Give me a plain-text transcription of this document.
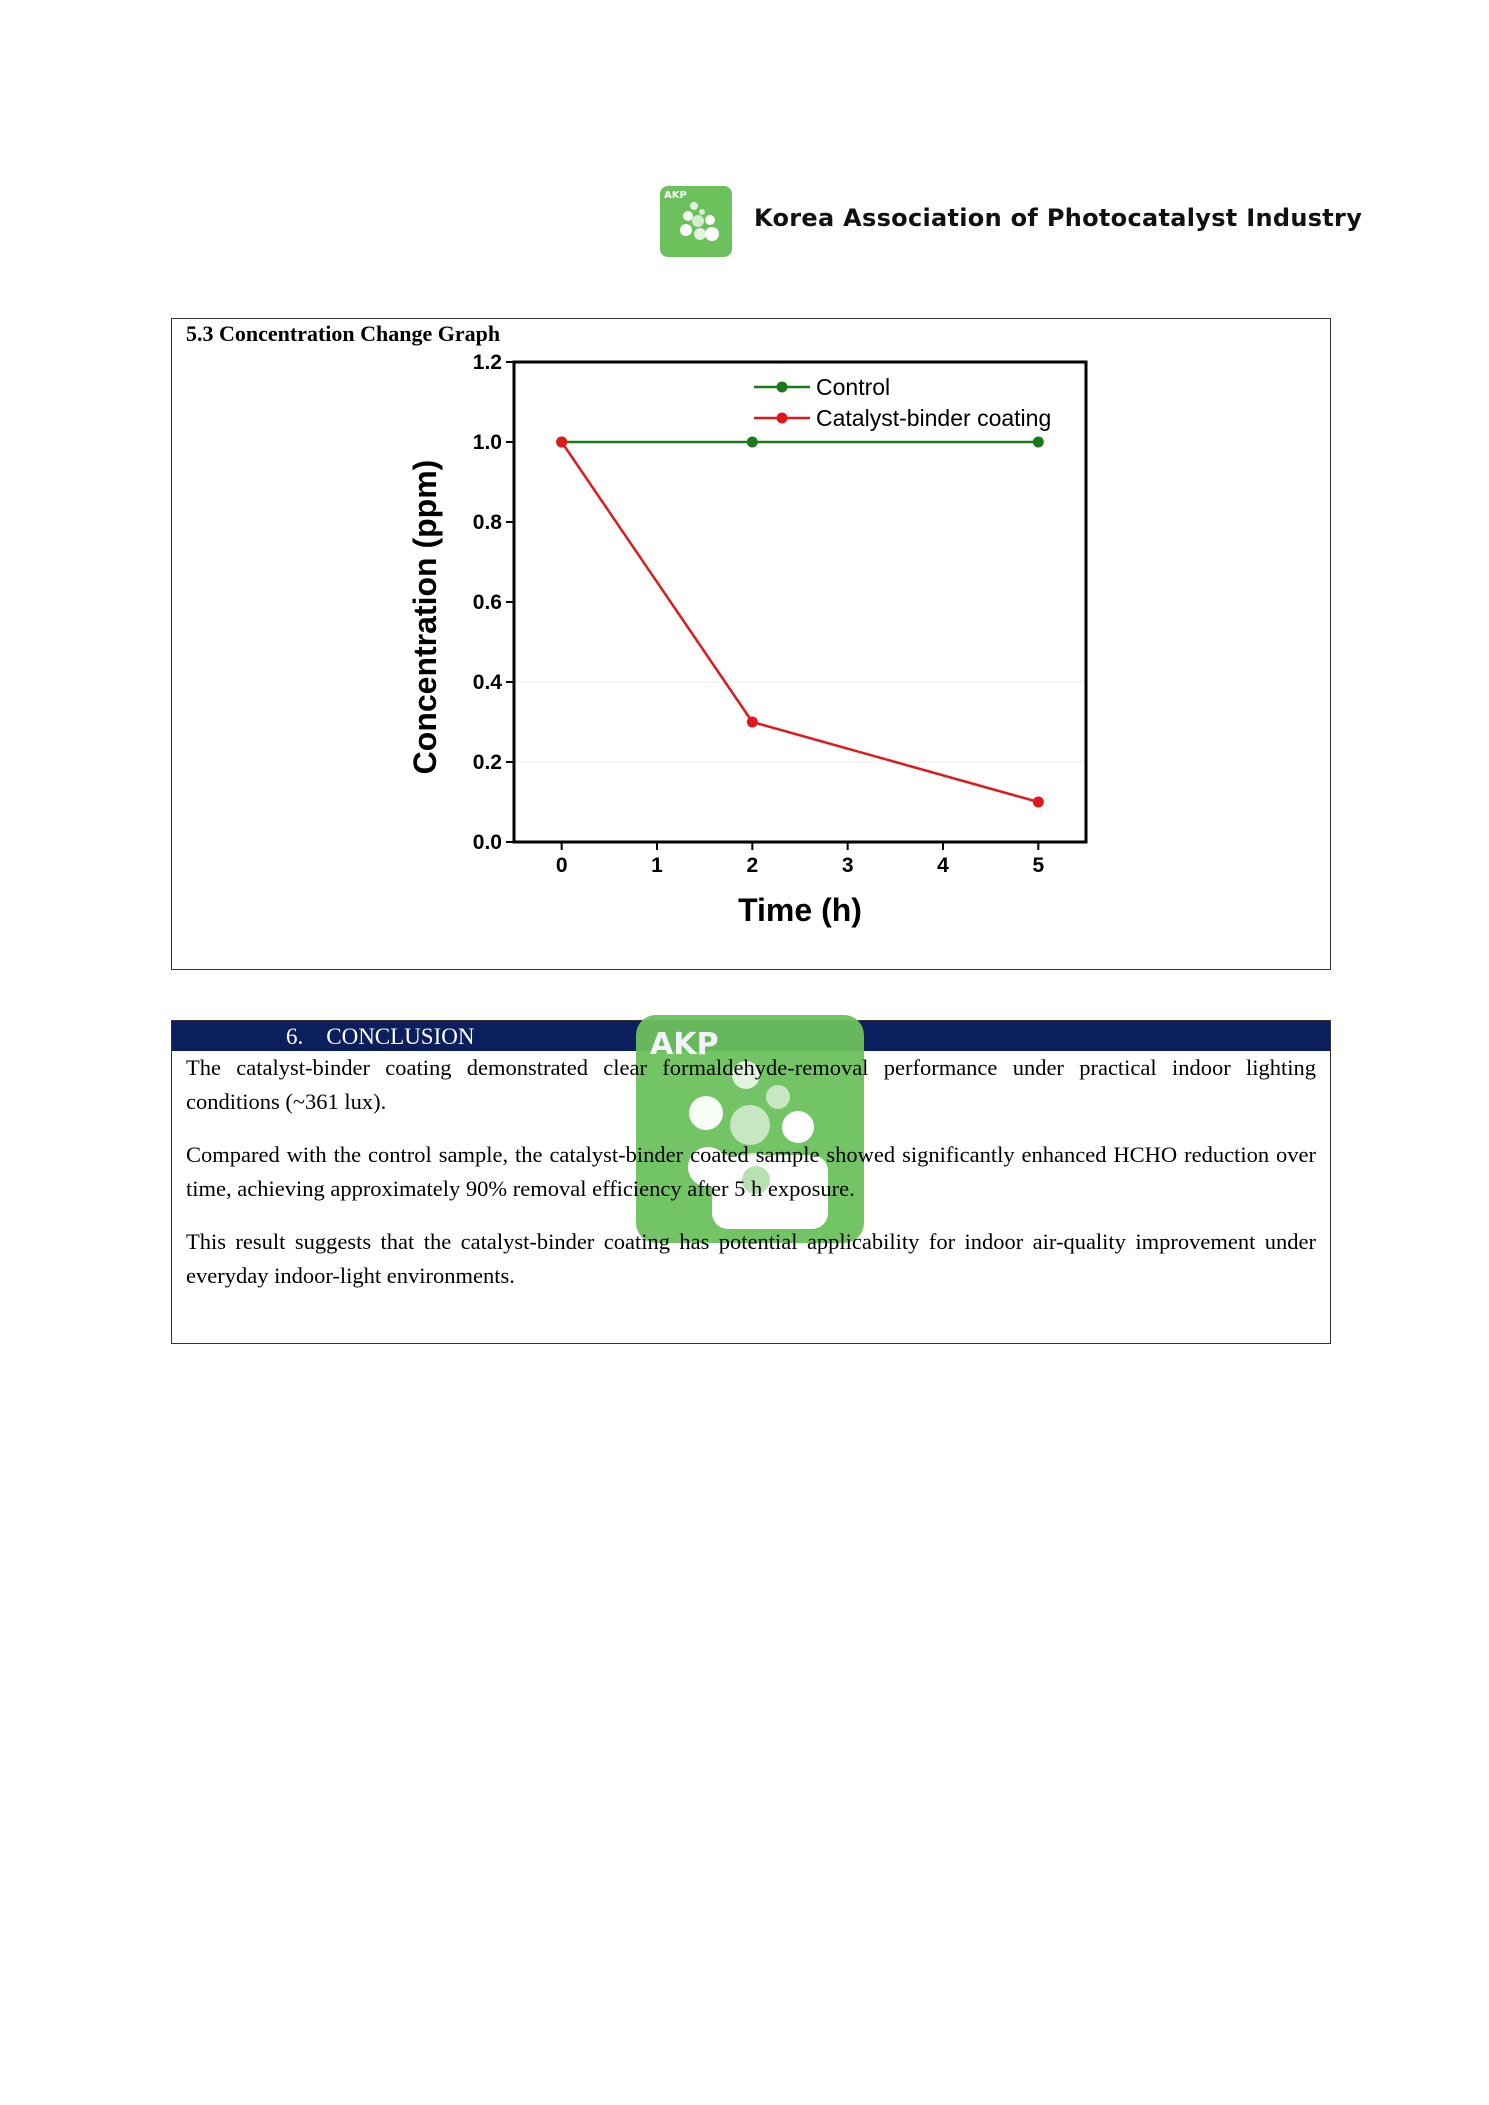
AKP
Korea Association of Photocatalyst Industry
5.3 Concentration Change Graph
0.0
0.2
0.4
0.6
0.8
1.0
1.2
0	1	2	3	4	5
Time (h)
Concentration (ppm)
Control
Catalyst-binder coating
AKP
6. CONCLUSION

The catalyst-binder coating demonstrated clear formaldehyde-removal performance under practical indoor lighting conditions (~361 lux).

Compared with the control sample, the catalyst-binder coated sample showed significantly enhanced HCHO reduction over time, achieving approximately 90% removal efficiency after 5 h exposure.

This result suggests that the catalyst-binder coating has potential applicability for indoor air-quality improvement under everyday indoor-light environments.
